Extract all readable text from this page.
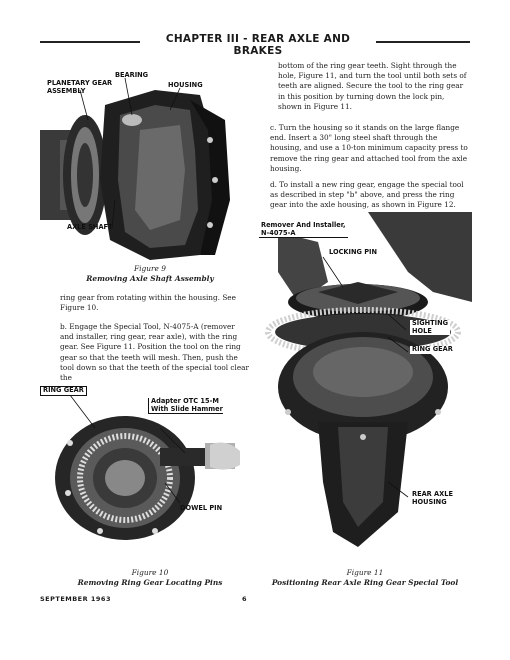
CHAPTER III - REAR AXLE AND BRAKES
BEARING
PLANETARY GEAR
ASSEMBLY
HOUSING
AXLE SHAFT
Figure 9
Removing Axle Shaft Assembly
ring gear from rotating within the housing. See Figure 10.
b. Engage the Special Tool, N-4075-A (remover and installer, ring gear, rear axle), with the ring gear. See Figure 11. Position the tool on the ring gear so that the teeth will mesh. Then, push the tool down so that the teeth of the special tool clear the
bottom of the ring gear teeth. Sight through the hole, Figure 11, and turn the tool until both sets of teeth are aligned. Secure the tool to the ring gear in this position by turning down the lock pin, shown in Figure 11.
c. Turn the housing so it stands on the large flange end. Insert a 30" long steel shaft through the housing, and use a 10-ton minimum capacity press to remove the ring gear and attached tool from the axle housing.
d. To install a new ring gear, engage the special tool as described in step "b" above, and press the ring gear into the axle housing, as shown in Figure 12.
RING GEAR
Adapter OTC 15-M
With Slide Hammer
DOWEL PIN
Figure 10
Removing Ring Gear Locating Pins
Remover And Installer,
N-4075-A
LOCKING PIN
SIGHTING
HOLE
RING GEAR
REAR AXLE
HOUSING
Figure 11
Positioning Rear Axle Ring Gear Special Tool
SEPTEMBER 1963	6
